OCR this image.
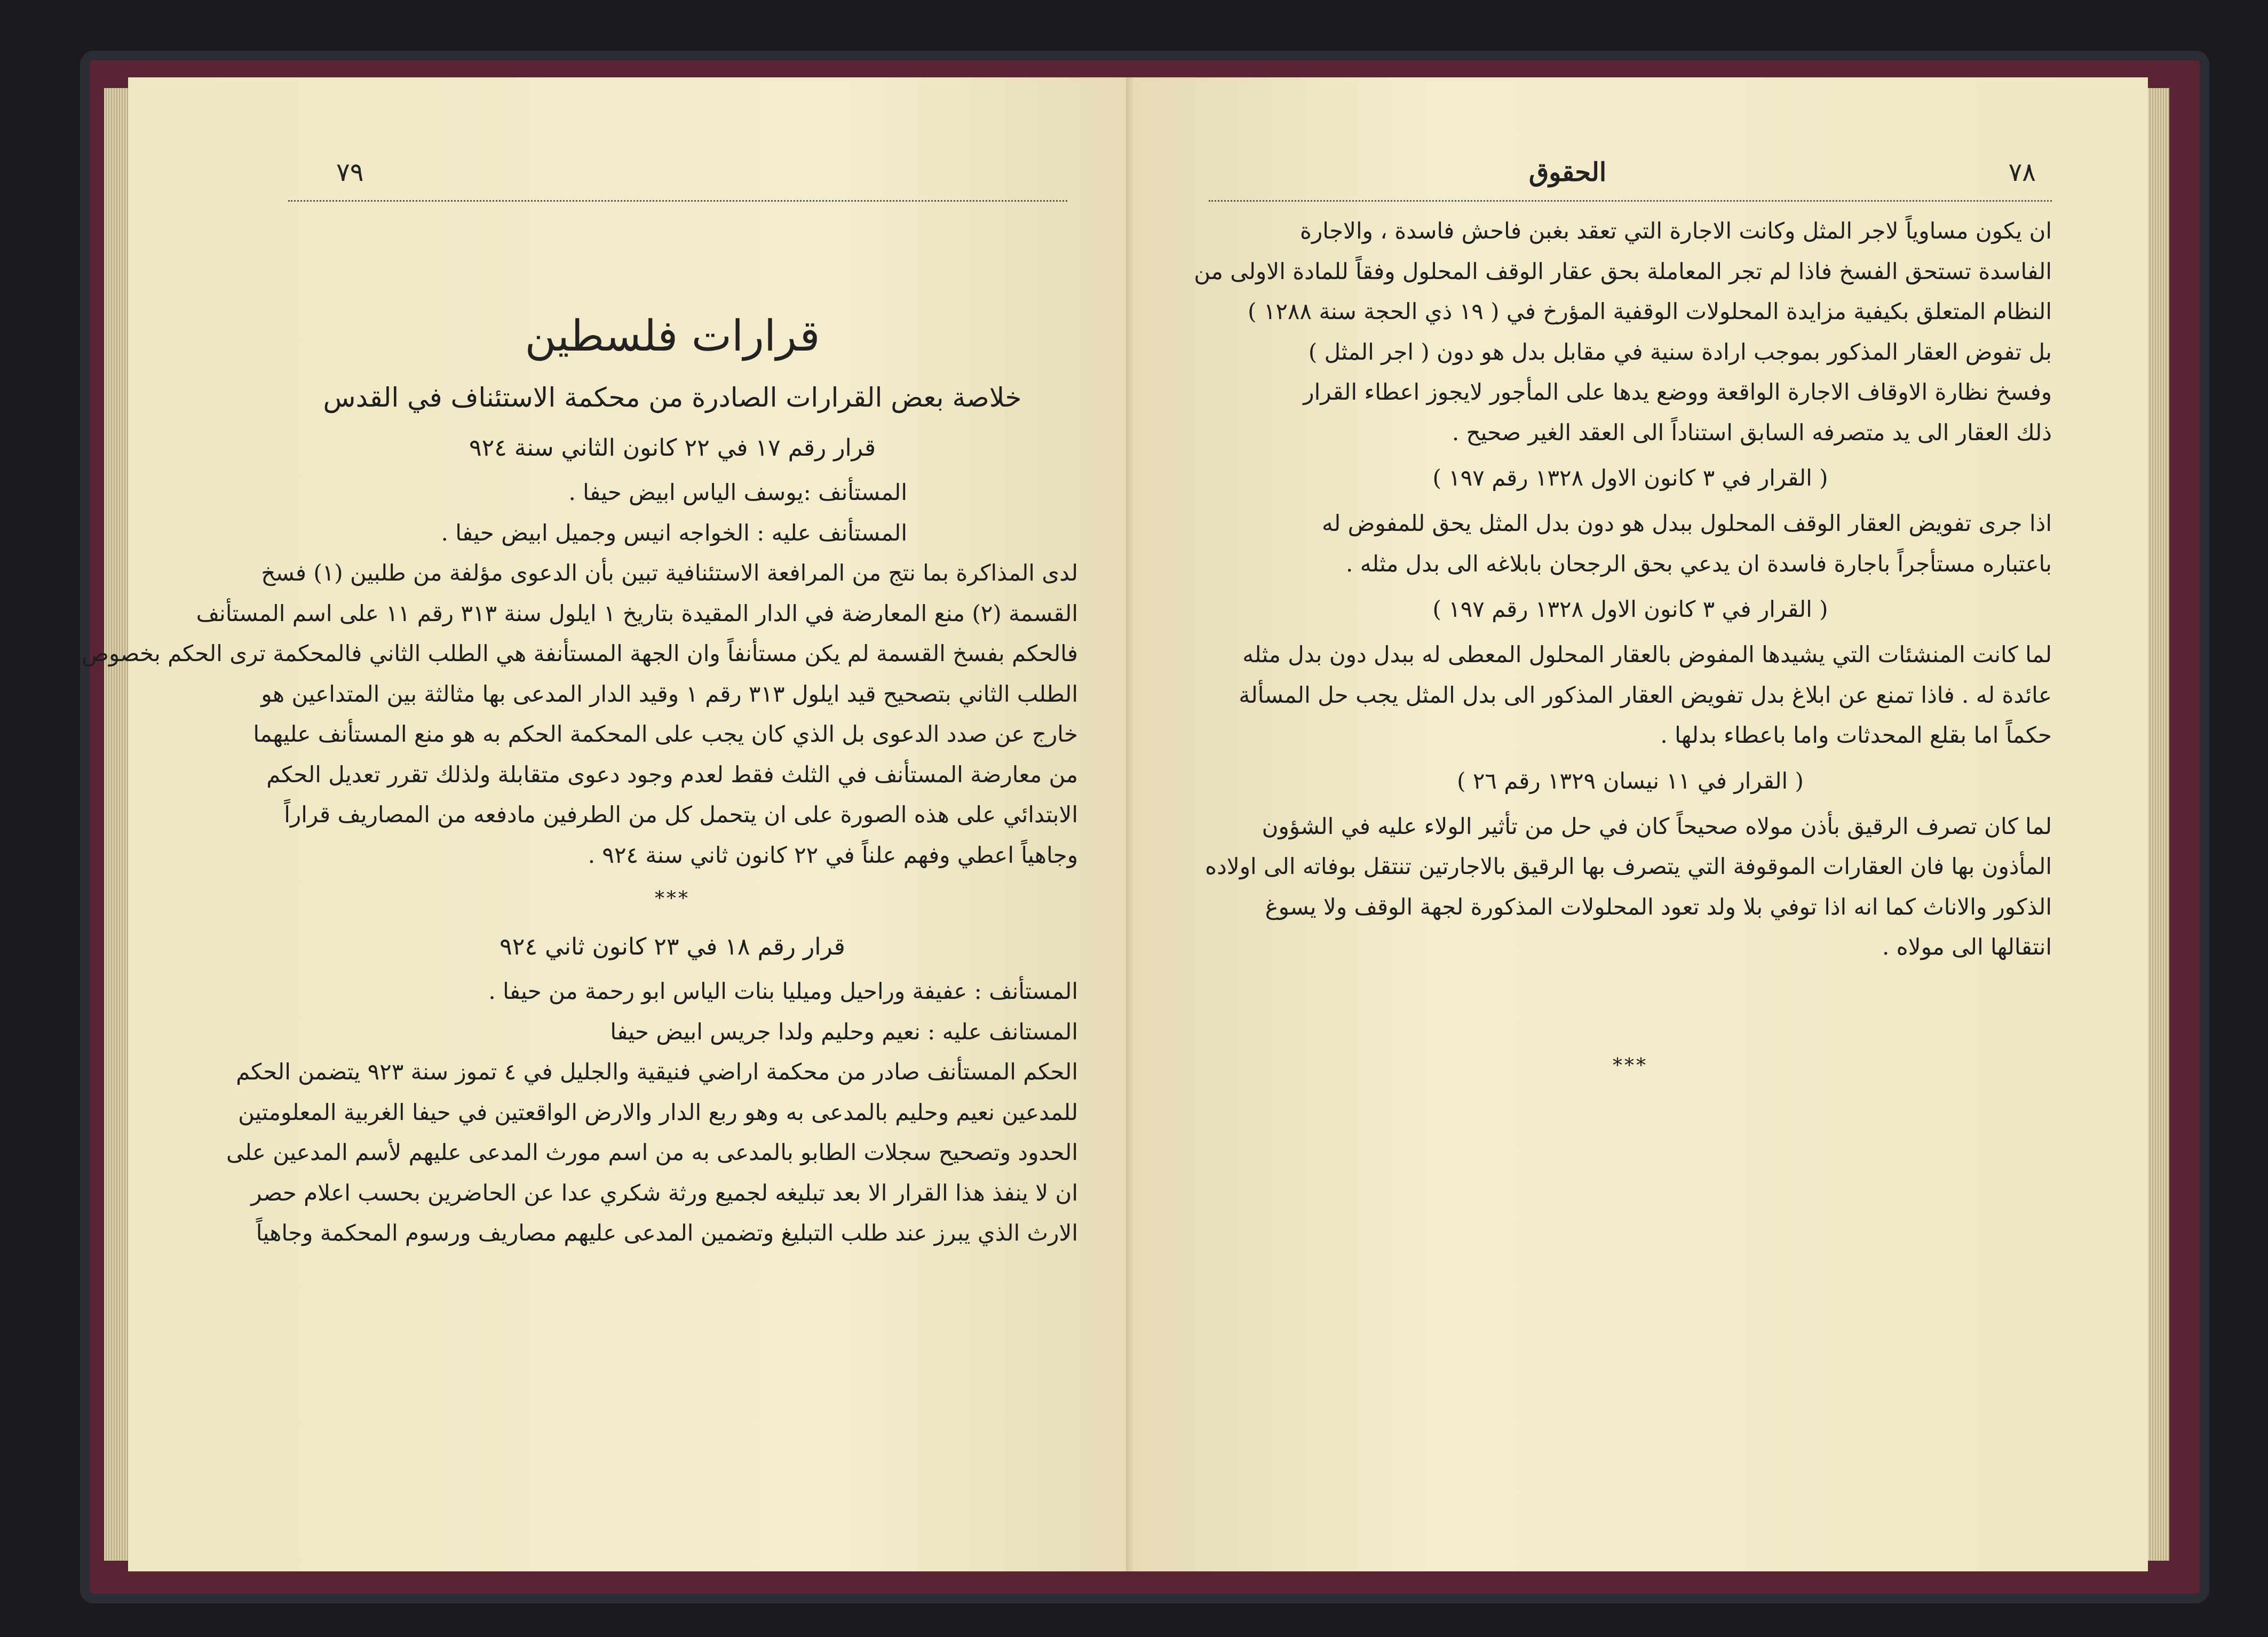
٧٩
قرارات فلسطين
خلاصة بعض القرارات الصادرة من محكمة الاستئناف في القدس
قرار رقم ١٧ في ٢٢ كانون الثاني سنة ٩٢٤
المستأنف :يوسف الياس ابيض حيفا .
المستأنف عليه : الخواجه انيس وجميل ابيض حيفا .
لدى المذاكرة بما نتج من المرافعة الاستئنافية تبين بأن الدعوى مؤلفة من طلبين (١) فسخ
القسمة (٢) منع المعارضة في الدار المقيدة بتاريخ ١ ايلول سنة ٣١٣ رقم ١١ على اسم المستأنف
فالحكم بفسخ القسمة لم يكن مستأنفاً وان الجهة المستأنفة هي الطلب الثاني فالمحكمة ترى الحكم بخصوص
الطلب الثاني بتصحيح قيد ايلول ٣١٣ رقم ١ وقيد الدار المدعى بها مثالثة بين المتداعين هو
خارج عن صدد الدعوى بل الذي كان يجب على المحكمة الحكم به هو منع المستأنف عليهما
من معارضة المستأنف في الثلث فقط لعدم وجود دعوى متقابلة ولذلك تقرر تعديل الحكم
الابتدائي على هذه الصورة على ان يتحمل كل من الطرفين مادفعه من المصاريف قراراً
وجاهياً اعطي وفهم علناً في ٢٢ كانون ثاني سنة ٩٢٤ .
***
قرار رقم ١٨ في ٢٣ كانون ثاني ٩٢٤
المستأنف : عفيفة وراحيل وميليا بنات الياس ابو رحمة من حيفا .
المستانف عليه : نعيم وحليم ولدا جريس ابيض حيفا
الحكم المستأنف صادر من محكمة اراضي فنيقية والجليل في ٤ تموز سنة ٩٢٣ يتضمن الحكم
للمدعين نعيم وحليم بالمدعى به وهو ربع الدار والارض الواقعتين في حيفا الغربية المعلومتين
الحدود وتصحيح سجلات الطابو بالمدعى به من اسم مورث المدعى عليهم لأسم المدعين على
ان لا ينفذ هذا القرار الا بعد تبليغه لجميع ورثة شكري عدا عن الحاضرين بحسب اعلام حصر
الارث الذي يبرز عند طلب التبليغ وتضمين المدعى عليهم مصاريف ورسوم المحكمة وجاهياً
٧٨
الحقوق
ان يكون مساوياً لاجر المثل وكانت الاجارة التي تعقد بغبن فاحش فاسدة ، والاجارة
الفاسدة تستحق الفسخ فاذا لم تجر المعاملة بحق عقار الوقف المحلول وفقاً للمادة الاولى من
النظام المتعلق بكيفية مزايدة المحلولات الوقفية المؤرخ في ( ١٩ ذي الحجة سنة ١٢٨٨ )
بل تفوض العقار المذكور بموجب ارادة سنية في مقابل بدل هو دون ( اجر المثل )
وفسخ نظارة الاوقاف الاجارة الواقعة ووضع يدها على المأجور لايجوز اعطاء القرار
ذلك العقار الى يد متصرفه السابق استناداً الى العقد الغير صحيح .
( القرار في ٣ كانون الاول ١٣٢٨ رقم ١٩٧ )
اذا جرى تفويض العقار الوقف المحلول ببدل هو دون بدل المثل يحق للمفوض له
باعتباره مستأجراً باجارة فاسدة ان يدعي بحق الرجحان بابلاغه الى بدل مثله .
( القرار في ٣ كانون الاول ١٣٢٨ رقم ١٩٧ )
لما كانت المنشئات التي يشيدها المفوض بالعقار المحلول المعطى له ببدل دون بدل مثله
عائدة له . فاذا تمنع عن ابلاغ بدل تفويض العقار المذكور الى بدل المثل يجب حل المسألة
حكماً اما بقلع المحدثات واما باعطاء بدلها .
( القرار في ١١ نيسان ١٣٢٩ رقم ٢٦ )
لما كان تصرف الرقيق بأذن مولاه صحيحاً كان في حل من تأثير الولاء عليه في الشؤون
المأذون بها فان العقارات الموقوفة التي يتصرف بها الرقيق بالاجارتين تنتقل بوفاته الى اولاده
الذكور والاناث كما انه اذا توفي بلا ولد تعود المحلولات المذكورة لجهة الوقف ولا يسوغ
انتقالها الى مولاه .
***
